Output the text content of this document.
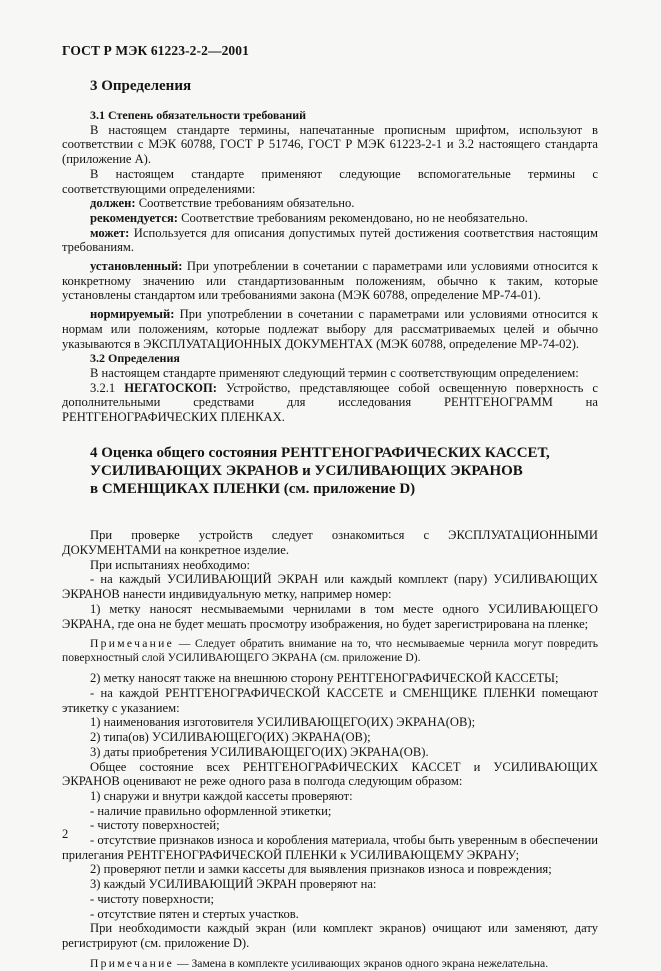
ГОСТ Р МЭК 61223-2-2—2001
3 Определения
3.1 Степень обязательности требований

В настоящем стандарте термины, напечатанные прописным шрифтом, используют в соответствии с МЭК 60788, ГОСТ Р 51746, ГОСТ Р МЭК 61223-2-1 и 3.2 настоящего стандарта (приложение А).

В настоящем стандарте применяют следующие вспомогательные термины с соответствующими определениями:

должен: Соответствие требованиям обязательно.

рекомендуется: Соответствие требованиям рекомендовано, но не необязательно.

может: Используется для описания допустимых путей достижения соответствия настоящим требованиям.

установленный: При употреблении в сочетании с параметрами или условиями относится к конкретному значению или стандартизованным положениям, обычно к таким, которые установлены стандартом или требованиями закона (МЭК 60788, определение МР-74-01).

нормируемый: При употреблении в сочетании с параметрами или условиями относится к нормам или положениям, которые подлежат выбору для рассматриваемых целей и обычно указываются в ЭКСПЛУАТАЦИОННЫХ ДОКУМЕНТАХ (МЭК 60788, определение МР-74-02).

3.2 Определения

В настоящем стандарте применяют следующий термин с соответствующим определением:

3.2.1 НЕГАТОСКОП: Устройство, представляющее собой освещенную поверхность с дополнительными средствами для исследования РЕНТГЕНОГРАММ на РЕНТГЕНОГРАФИЧЕСКИХ ПЛЕНКАХ.

4 Оценка общего состояния РЕНТГЕНОГРАФИЧЕСКИХ КАССЕТ,
УСИЛИВАЮЩИХ ЭКРАНОВ и УСИЛИВАЮЩИХ ЭКРАНОВ
в СМЕНЩИКАХ ПЛЕНКИ (см. приложение D)

При проверке устройств следует ознакомиться с ЭКСПЛУАТАЦИОННЫМИ ДОКУМЕНТАМИ на конкретное изделие.

При испытаниях необходимо:

- на каждый УСИЛИВАЮЩИЙ ЭКРАН или каждый комплект (пару) УСИЛИВАЮЩИХ ЭКРАНОВ нанести индивидуальную метку, например номер:

1) метку наносят несмываемыми чернилами в том месте одного УСИЛИВАЮЩЕГО ЭКРАНА, где она не будет мешать просмотру изображения, но будет зарегистрирована на пленке;

Примечание — Следует обратить внимание на то, что несмываемые чернила могут повредить поверхностный слой УСИЛИВАЮЩЕГО ЭКРАНА (см. приложение D).

2) метку наносят также на внешнюю сторону РЕНТГЕНОГРАФИЧЕСКОЙ КАССЕТЫ;

- на каждой РЕНТГЕНОГРАФИЧЕСКОЙ КАССЕТЕ и СМЕНЩИКЕ ПЛЕНКИ помещают этикетку с указанием:

1) наименования изготовителя УСИЛИВАЮЩЕГО(ИХ) ЭКРАНА(ОВ);

2) типа(ов) УСИЛИВАЮЩЕГО(ИХ) ЭКРАНА(ОВ);

3) даты приобретения УСИЛИВАЮЩЕГО(ИХ) ЭКРАНА(ОВ).

Общее состояние всех РЕНТГЕНОГРАФИЧЕСКИХ КАССЕТ и УСИЛИВАЮЩИХ ЭКРАНОВ оценивают не реже одного раза в полгода следующим образом:

1) снаружи и внутри каждой кассеты проверяют:

- наличие правильно оформленной этикетки;

- чистоту поверхностей;

- отсутствие признаков износа и коробления материала, чтобы быть уверенным в обеспечении прилегания РЕНТГЕНОГРАФИЧЕСКОЙ ПЛЕНКИ к УСИЛИВАЮЩЕМУ ЭКРАНУ;

2) проверяют петли и замки кассеты для выявления признаков износа и повреждения;

3) каждый УСИЛИВАЮЩИЙ ЭКРАН проверяют на:

- чистоту поверхности;

- отсутствие пятен и стертых участков.

При необходимости каждый экран (или комплект экранов) очищают или заменяют, дату регистрируют (см. приложение D).

Примечание — Замена в комплекте усиливающих экранов одного экрана нежелательна.

2
